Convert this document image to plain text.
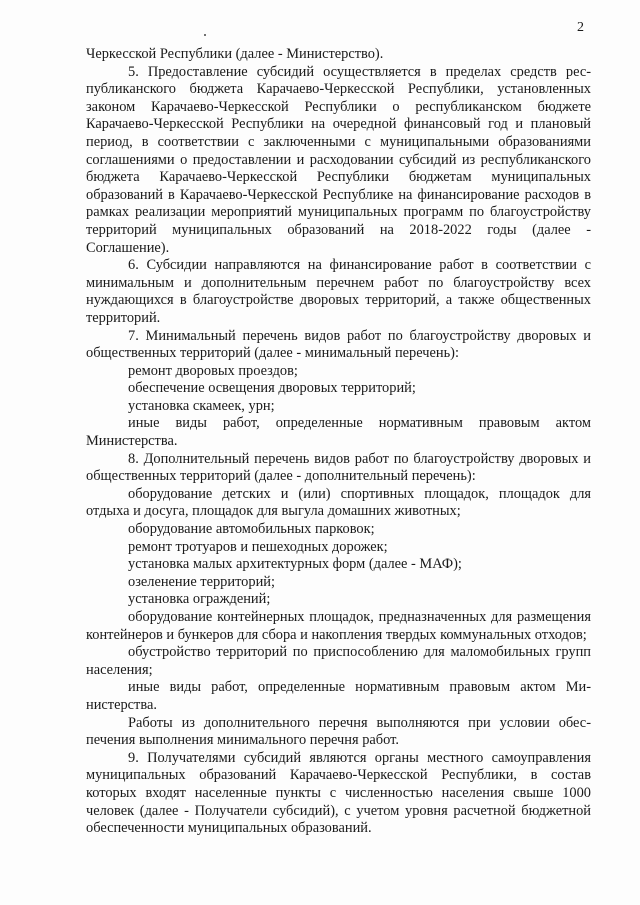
2

Черкесской Республики (далее - Министерство).

5. Предоставление субсидий осуществляется в пределах средств республиканского бюджета Карачаево-Черкесской Республики, установленных законом Карачаево-Черкесской Республики о республиканском бюджете Карачаево-Черкесской Республики на очередной финансовый год и плановый период, в соответствии с заключенными с муниципальными образованиями соглашениями о предоставлении и расходовании субсидий из республиканского бюджета Карачаево-Черкесской Республики бюджетам муниципальных образований в Карачаево-Черкесской Республике на финансирование расходов в рамках реализации мероприятий муниципальных программ по благоустройству территорий муниципальных образований на 2018-2022 годы (далее - Соглашение).

6. Субсидии направляются на финансирование работ в соответствии с минимальным и дополнительным перечнем работ по благоустройству всех нуждающихся в благоустройстве дворовых территорий, а также общественных территорий.

7. Минимальный перечень видов работ по благоустройству дворовых и общественных территорий (далее - минимальный перечень):

ремонт дворовых проездов;

обеспечение освещения дворовых территорий;

установка скамеек, урн;

иные виды работ, определенные нормативным правовым актом Министерства.

8. Дополнительный перечень видов работ по благоустройству дворовых и общественных территорий (далее - дополнительный перечень):

оборудование детских и (или) спортивных площадок, площадок для отдыха и досуга, площадок для выгула домашних животных;

оборудование автомобильных парковок;

ремонт тротуаров и пешеходных дорожек;

установка малых архитектурных форм (далее - МАФ);

озеленение территорий;

установка ограждений;

оборудование контейнерных площадок, предназначенных для размещения контейнеров и бункеров для сбора и накопления твердых коммунальных отходов;

обустройство территорий по приспособлению для маломобильных групп населения;

иные виды работ, определенные нормативным правовым актом Министерства.

Работы из дополнительного перечня выполняются при условии обеспечения выполнения минимального перечня работ.

9. Получателями субсидий являются органы местного самоуправления муниципальных образований Карачаево-Черкесской Республики, в состав которых входят населенные пункты с численностью населения свыше 1000 человек (далее - Получатели субсидий), с учетом уровня расчетной бюджетной обеспеченности муниципальных образований.
